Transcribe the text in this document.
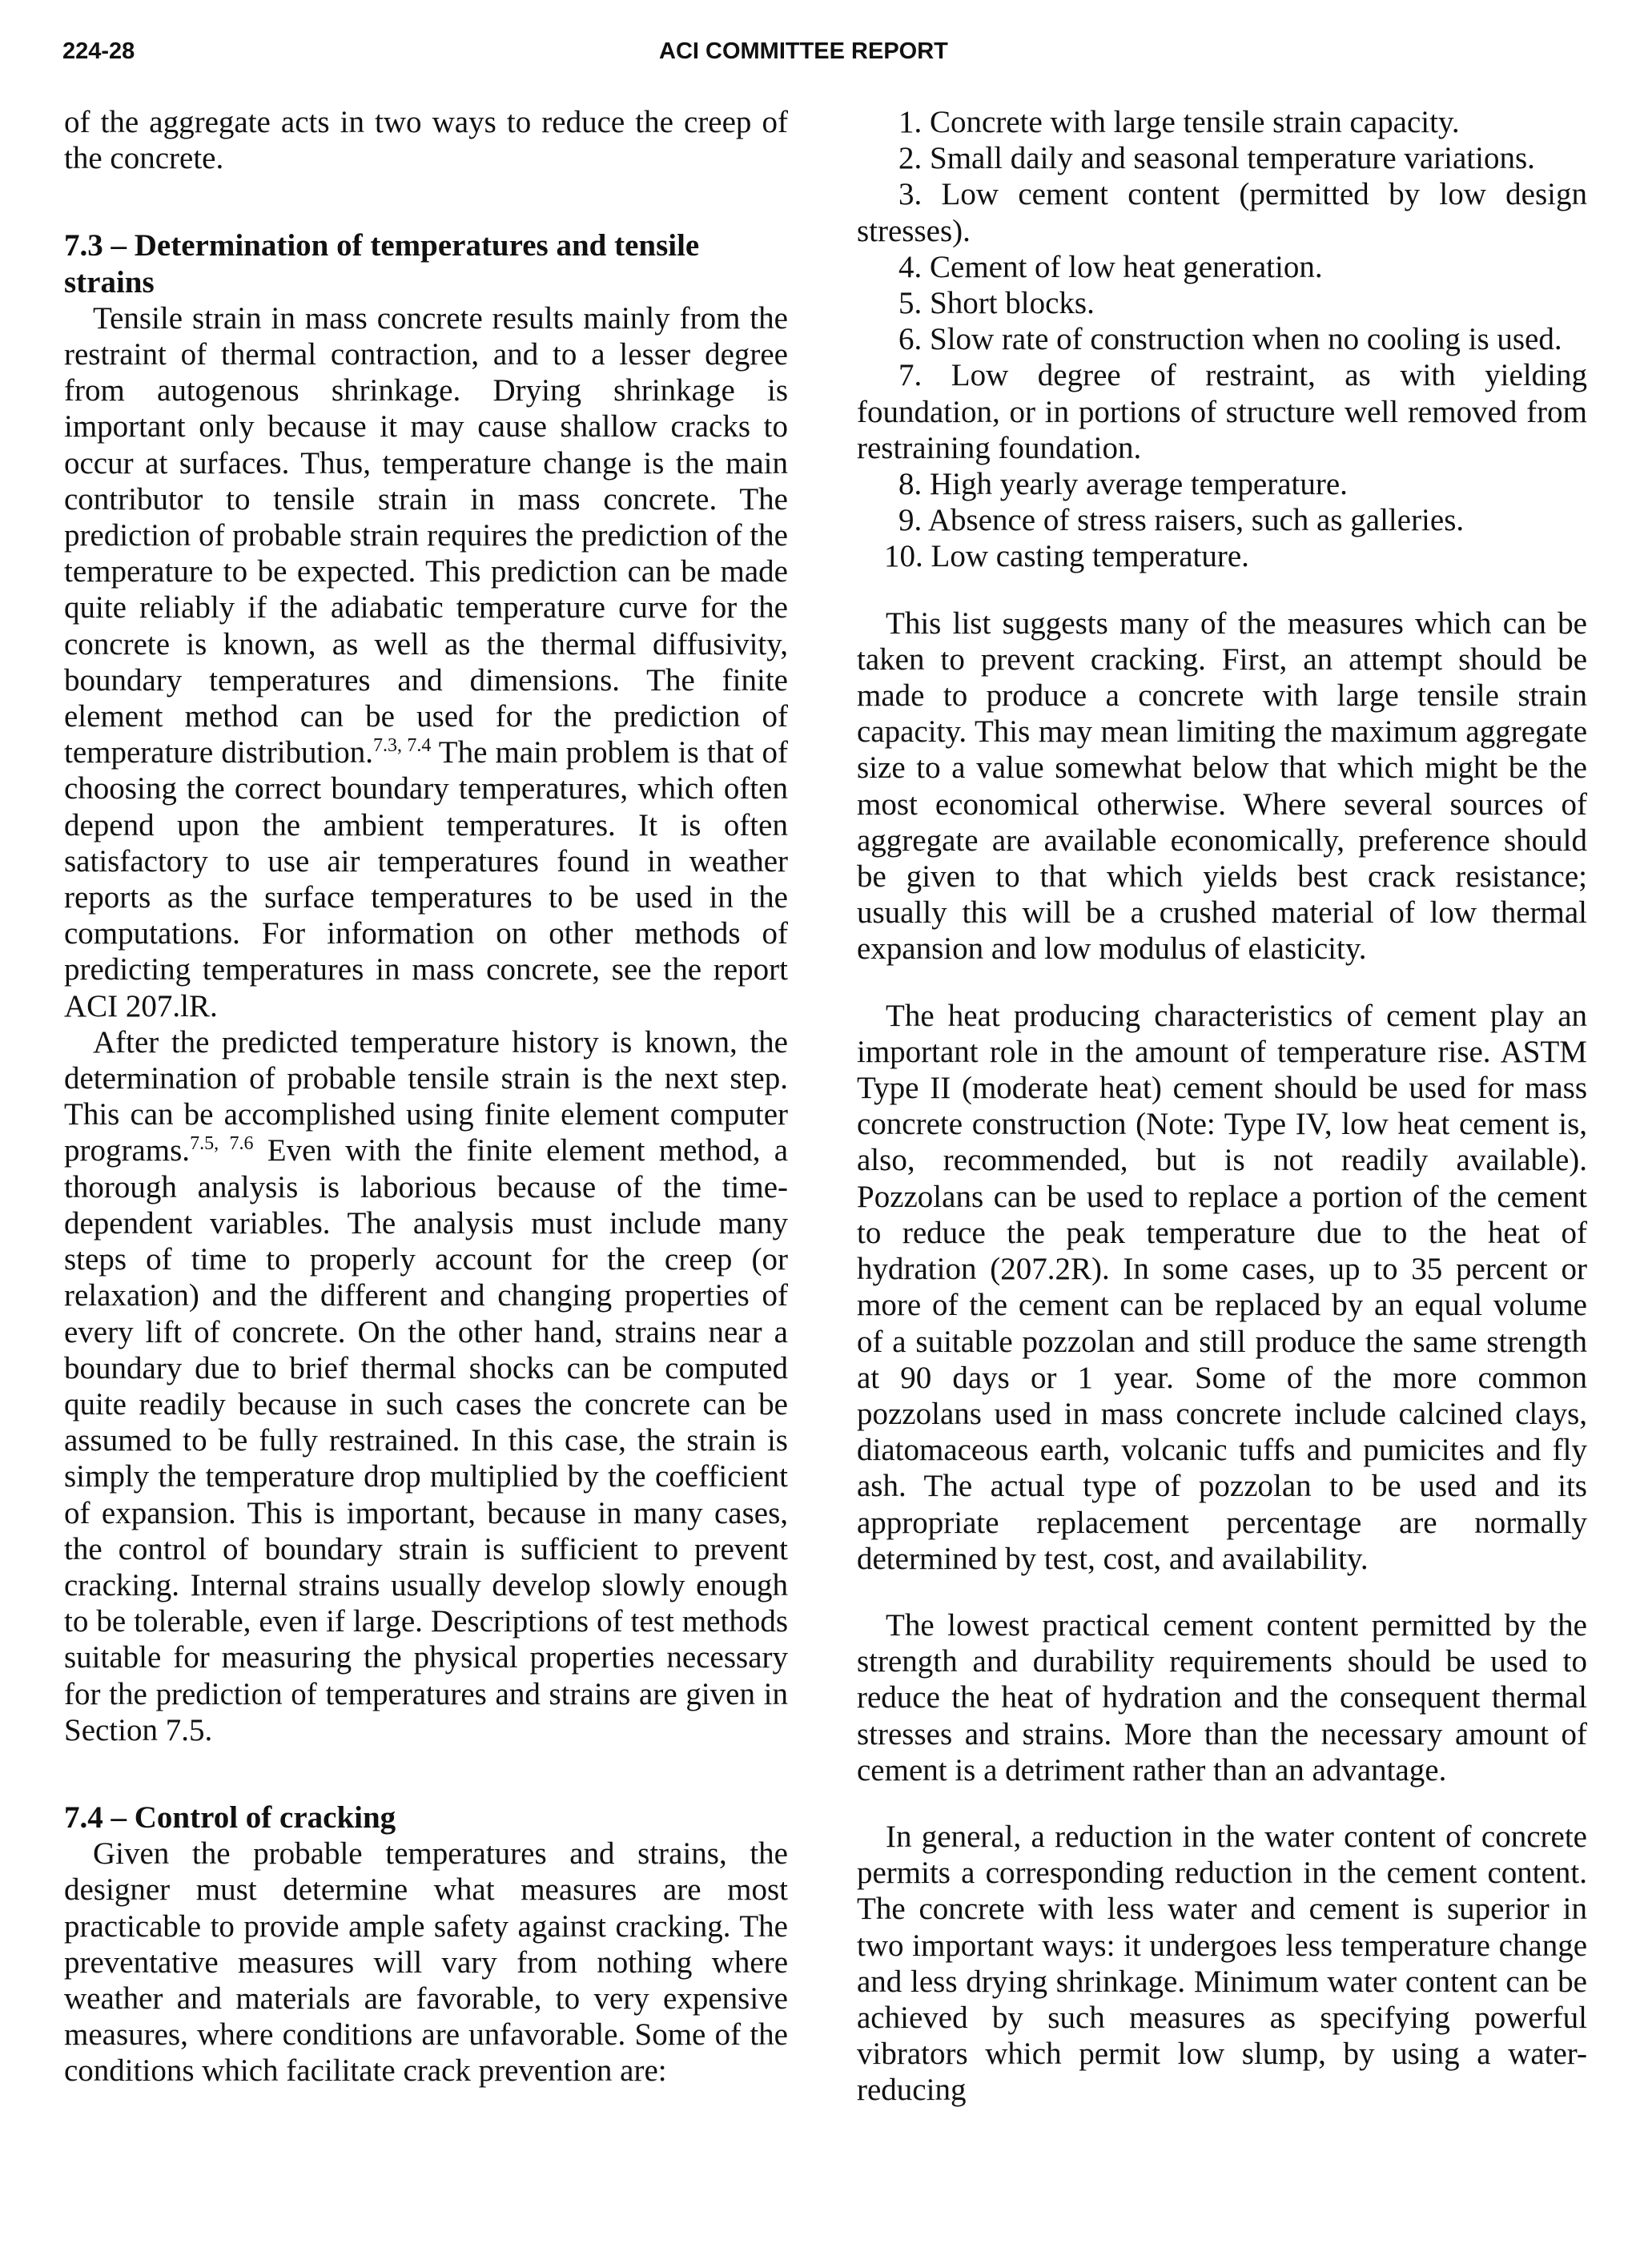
224-28	ACI COMMITTEE REPORT

of the aggregate acts in two ways to reduce the creep of the concrete.

7.3 – Determination of temperatures and tensile strains

Tensile strain in mass concrete results mainly from the restraint of thermal contraction, and to a lesser degree from autogenous shrinkage. Drying shrinkage is important only because it may cause shallow cracks to occur at surfaces. Thus, temperature change is the main contributor to tensile strain in mass concrete. The prediction of probable strain requires the prediction of the temperature to be expected. This prediction can be made quite reliably if the adiabatic temperature curve for the concrete is known, as well as the thermal diffusivity, boundary temperatures and dimensions. The finite element method can be used for the prediction of temperature distribution.$^{7.3, 7.4}$ The main problem is that of choosing the correct boundary temperatures, which often depend upon the ambient temperatures. It is often satisfactory to use air temperatures found in weather reports as the surface temperatures to be used in the computations. For information on other methods of predicting temperatures in mass concrete, see the report ACI 207.lR.

After the predicted temperature history is known, the determination of probable tensile strain is the next step. This can be accomplished using finite element computer programs.$^{7.5, 7.6}$ Even with the finite element method, a thorough analysis is laborious because of the time-dependent variables. The analysis must include many steps of time to properly account for the creep (or relaxation) and the different and changing properties of every lift of concrete. On the other hand, strains near a boundary due to brief thermal shocks can be computed quite readily because in such cases the concrete can be assumed to be fully restrained. In this case, the strain is simply the temperature drop multiplied by the coefficient of expansion. This is important, because in many cases, the control of boundary strain is sufficient to prevent cracking. Internal strains usually develop slowly enough to be tolerable, even if large. Descriptions of test methods suitable for measuring the physical properties necessary for the prediction of temperatures and strains are given in Section 7.5.

7.4 – Control of cracking

Given the probable temperatures and strains, the designer must determine what measures are most practicable to provide ample safety against cracking. The preventative measures will vary from nothing where weather and materials are favorable, to very expensive measures, where conditions are unfavorable. Some of the conditions which facilitate crack prevention are:

1. Concrete with large tensile strain capacity.
2. Small daily and seasonal temperature variations.
3. Low cement content (permitted by low design stresses).
4. Cement of low heat generation.
5. Short blocks.
6. Slow rate of construction when no cooling is used.
7. Low degree of restraint, as with yielding foundation, or in portions of structure well removed from restraining foundation.
8. High yearly average temperature.
9. Absence of stress raisers, such as galleries.
10. Low casting temperature.

This list suggests many of the measures which can be taken to prevent cracking. First, an attempt should be made to produce a concrete with large tensile strain capacity. This may mean limiting the maximum aggregate size to a value somewhat below that which might be the most economical otherwise. Where several sources of aggregate are available economically, preference should be given to that which yields best crack resistance; usually this will be a crushed material of low thermal expansion and low modulus of elasticity.

The heat producing characteristics of cement play an important role in the amount of temperature rise. ASTM Type II (moderate heat) cement should be used for mass concrete construction (Note: Type IV, low heat cement is, also, recommended, but is not readily available). Pozzolans can be used to replace a portion of the cement to reduce the peak temperature due to the heat of hydration (207.2R). In some cases, up to 35 percent or more of the cement can be replaced by an equal volume of a suitable pozzolan and still produce the same strength at 90 days or 1 year. Some of the more common pozzolans used in mass concrete include calcined clays, diatomaceous earth, volcanic tuffs and pumicites and fly ash. The actual type of pozzolan to be used and its appropriate replacement percentage are normally determined by test, cost, and availability.

The lowest practical cement content permitted by the strength and durability requirements should be used to reduce the heat of hydration and the consequent thermal stresses and strains. More than the necessary amount of cement is a detriment rather than an advantage.

In general, a reduction in the water content of concrete permits a corresponding reduction in the cement content. The concrete with less water and cement is superior in two important ways: it undergoes less temperature change and less drying shrinkage. Minimum water content can be achieved by such measures as specifying powerful vibrators which permit low slump, by using a water-reducing
